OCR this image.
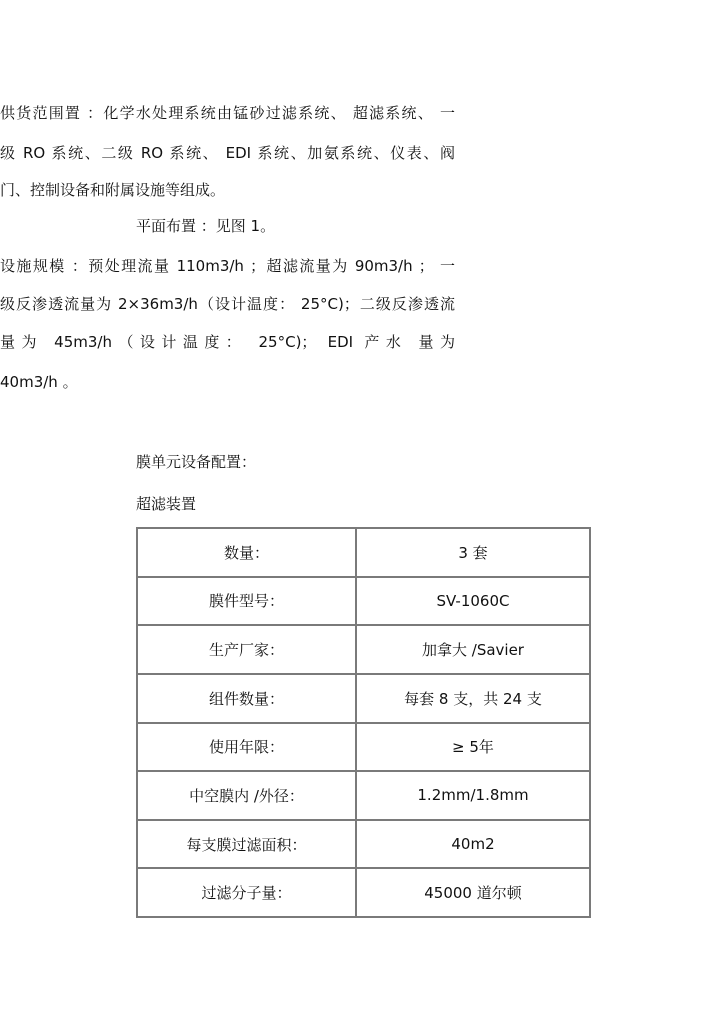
供货范围置 ：化学水处理系统由锰砂过滤系统、 超滤系统、 一
级 RO 系统、二级 RO 系统、 EDI 系统、加氨系统、仪表、阀
门、控制设备和附属设施等组成。
平面布置 ：见图 1。
设施规模 ：预处理流量 110m3/h ；超滤流量为 90m3/h ； 一
级反渗透流量为 2×36m3/h（设计温度： 25°C)；二级反渗透流
量为 45m3/h（设计温度： 25°C)； EDI 产水 量为
40m3/h 。
膜单元设备配置：
超滤装置
数量：	3 套
膜件型号：	SV-1060C
生产厂家：	加拿大 /Savier
组件数量：	每套 8 支，共 24 支
使用年限：	≥ 5年
中空膜内 /外径：	1.2mm/1.8mm
每支膜过滤面积：	40m2
过滤分子量：	45000 道尔顿
